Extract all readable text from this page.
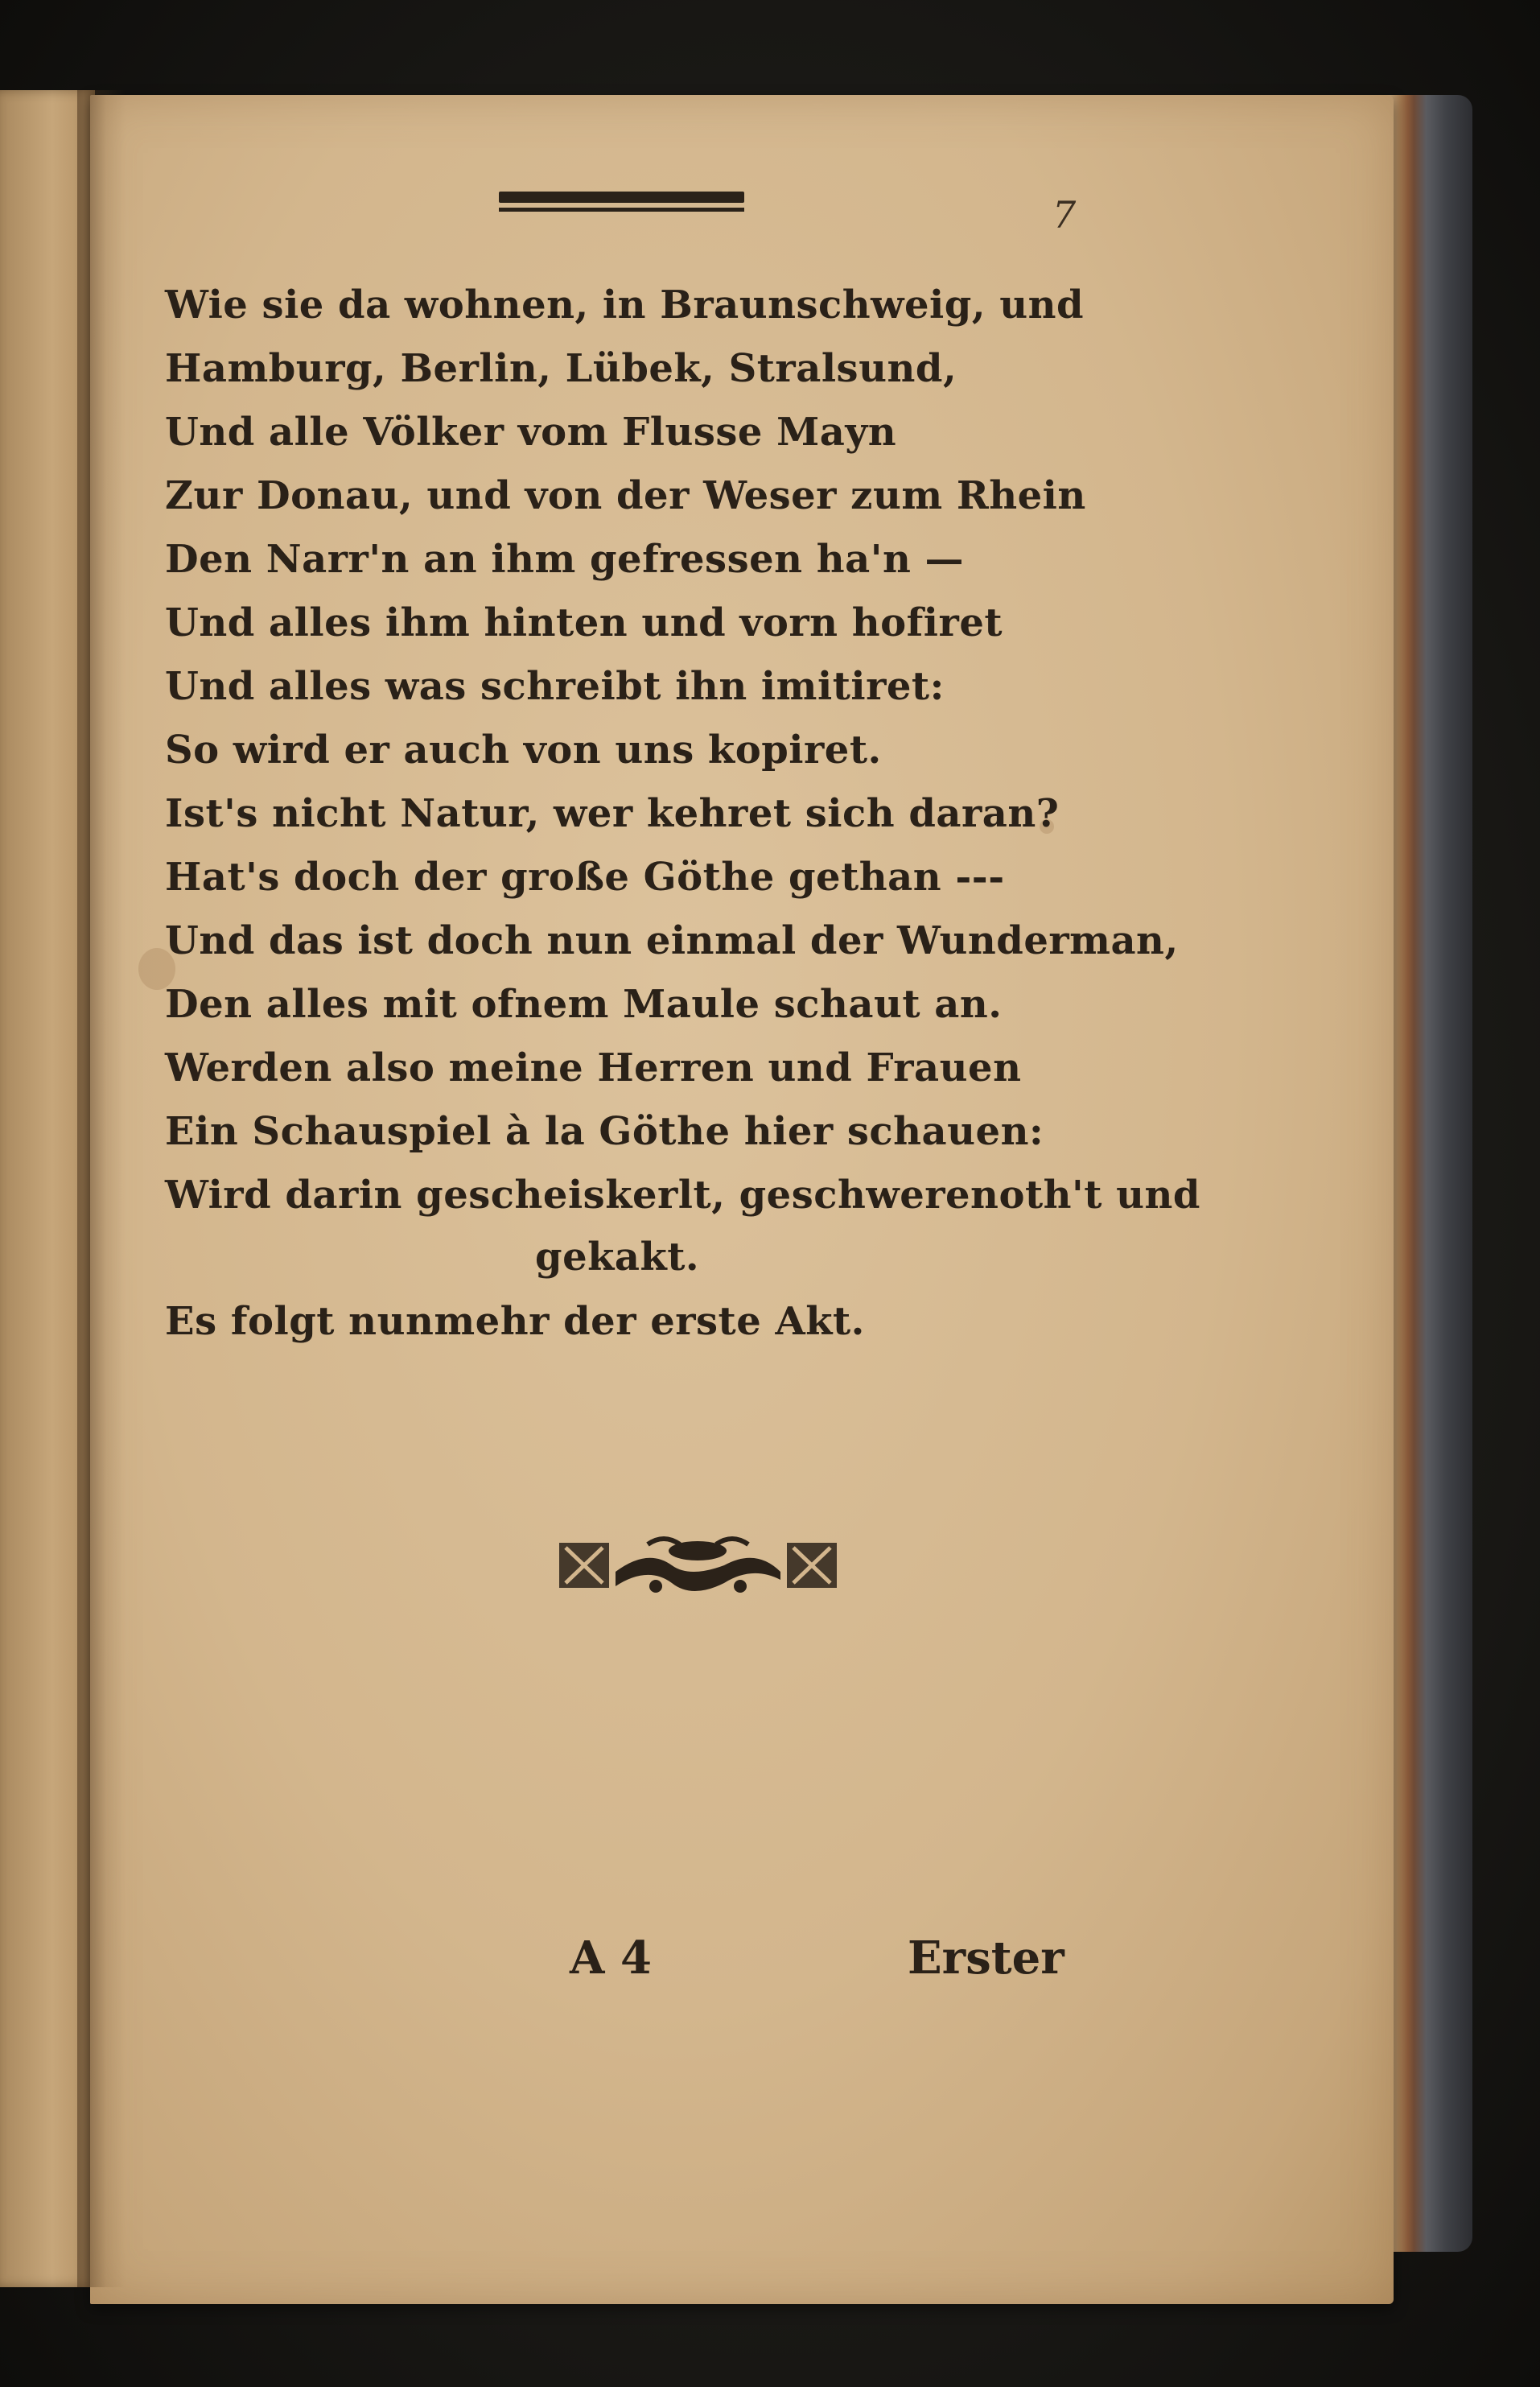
7
Wie sie da wohnen, in Braunschweig, und
Hamburg, Berlin, Lübek, Stralsund,
Und alle Völker vom Flusse Mayn
Zur Donau, und von der Weser zum Rhein
Den Narr'n an ihm gefressen ha'n —
Und alles ihm hinten und vorn hofiret
Und alles was schreibt ihn imitiret:
So wird er auch von uns kopiret.
Ist's nicht Natur, wer kehret sich daran?
Hat's doch der große Göthe gethan ---
Und das ist doch nun einmal der Wunderman,
Den alles mit ofnem Maule schaut an.
Werden also meine Herren und Frauen
Ein Schauspiel à la Göthe hier schauen:
Wird darin gescheiskerlt, geschwerenoth't und
gekakt.
Es folgt nunmehr der erste Akt.
A 4	Erster
